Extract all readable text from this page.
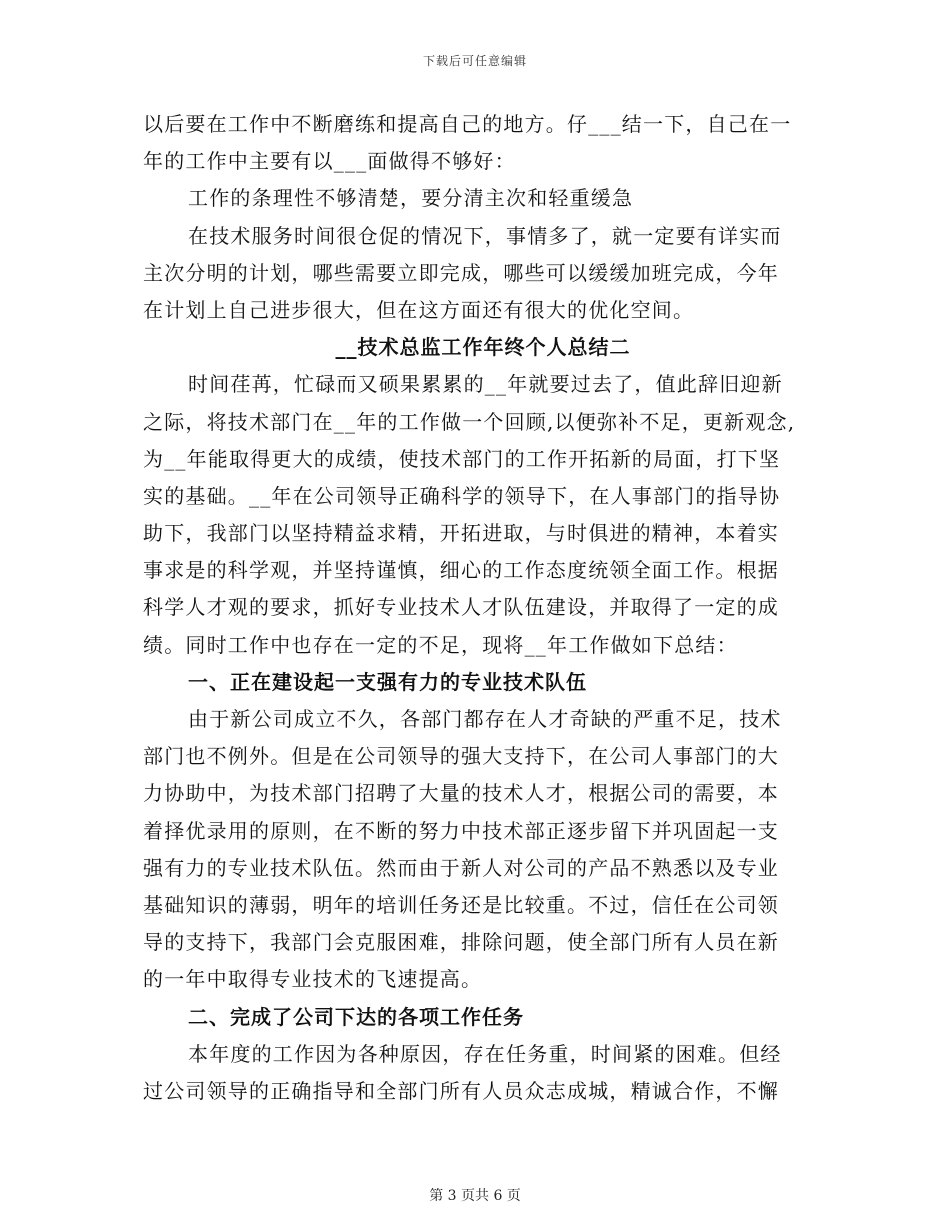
下载后可任意编辑
以后要在工作中不断磨练和提高自己的地方。仔___结一下，自己在一
年的工作中主要有以___面做得不够好：
工作的条理性不够清楚，要分清主次和轻重缓急
在技术服务时间很仓促的情况下，事情多了，就一定要有详实而
主次分明的计划，哪些需要立即完成，哪些可以缓缓加班完成，今年
在计划上自己进步很大，但在这方面还有很大的优化空间。
__技术总监工作年终个人总结二
时间荏苒，忙碌而又硕果累累的__年就要过去了，值此辞旧迎新
之际，将技术部门在__年的工作做一个回顾,以便弥补不足，更新观念,
为__年能取得更大的成绩，使技术部门的工作开拓新的局面，打下坚
实的基础。__年在公司领导正确科学的领导下，在人事部门的指导协
助下，我部门以坚持精益求精，开拓进取，与时俱进的精神，本着实
事求是的科学观，并坚持谨慎，细心的工作态度统领全面工作。根据
科学人才观的要求，抓好专业技术人才队伍建设，并取得了一定的成
绩。同时工作中也存在一定的不足，现将__年工作做如下总结：
一、正在建设起一支强有力的专业技术队伍
由于新公司成立不久，各部门都存在人才奇缺的严重不足，技术
部门也不例外。但是在公司领导的强大支持下，在公司人事部门的大
力协助中，为技术部门招聘了大量的技术人才，根据公司的需要，本
着择优录用的原则，在不断的努力中技术部正逐步留下并巩固起一支
强有力的专业技术队伍。然而由于新人对公司的产品不熟悉以及专业
基础知识的薄弱，明年的培训任务还是比较重。不过，信任在公司领
导的支持下，我部门会克服困难，排除问题，使全部门所有人员在新
的一年中取得专业技术的飞速提高。
二、完成了公司下达的各项工作任务
本年度的工作因为各种原因，存在任务重，时间紧的困难。但经
过公司领导的正确指导和全部门所有人员众志成城，精诚合作，不懈
第 3 页共 6 页
